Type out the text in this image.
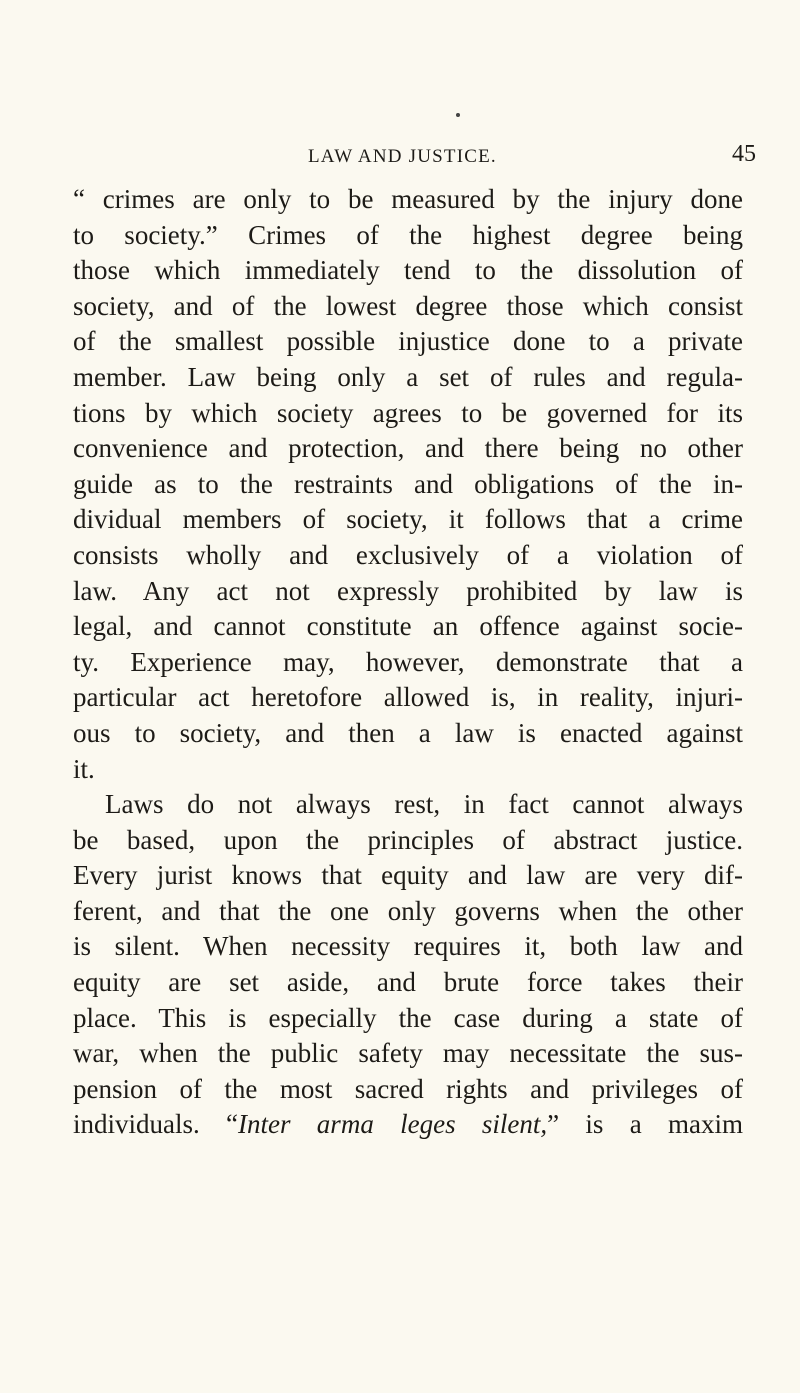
LAW AND JUSTICE.	45
“ crimes are only to be measured by the injury done
to society.” Crimes of the highest degree being
those which immediately tend to the dissolution of
society, and of the lowest degree those which consist
of the smallest possible injustice done to a private
member. Law being only a set of rules and regula-
tions by which society agrees to be governed for its
convenience and protection, and there being no other
guide as to the restraints and obligations of the in-
dividual members of society, it follows that a crime
consists wholly and exclusively of a violation of
law. Any act not expressly prohibited by law is
legal, and cannot constitute an offence against socie-
ty. Experience may, however, demonstrate that a
particular act heretofore allowed is, in reality, injuri-
ous to society, and then a law is enacted against
it.
Laws do not always rest, in fact cannot always
be based, upon the principles of abstract justice.
Every jurist knows that equity and law are very dif-
ferent, and that the one only governs when the other
is silent. When necessity requires it, both law and
equity are set aside, and brute force takes their
place. This is especially the case during a state of
war, when the public safety may necessitate the sus-
pension of the most sacred rights and privileges of
individuals. “Inter arma leges silent,” is a maxim
